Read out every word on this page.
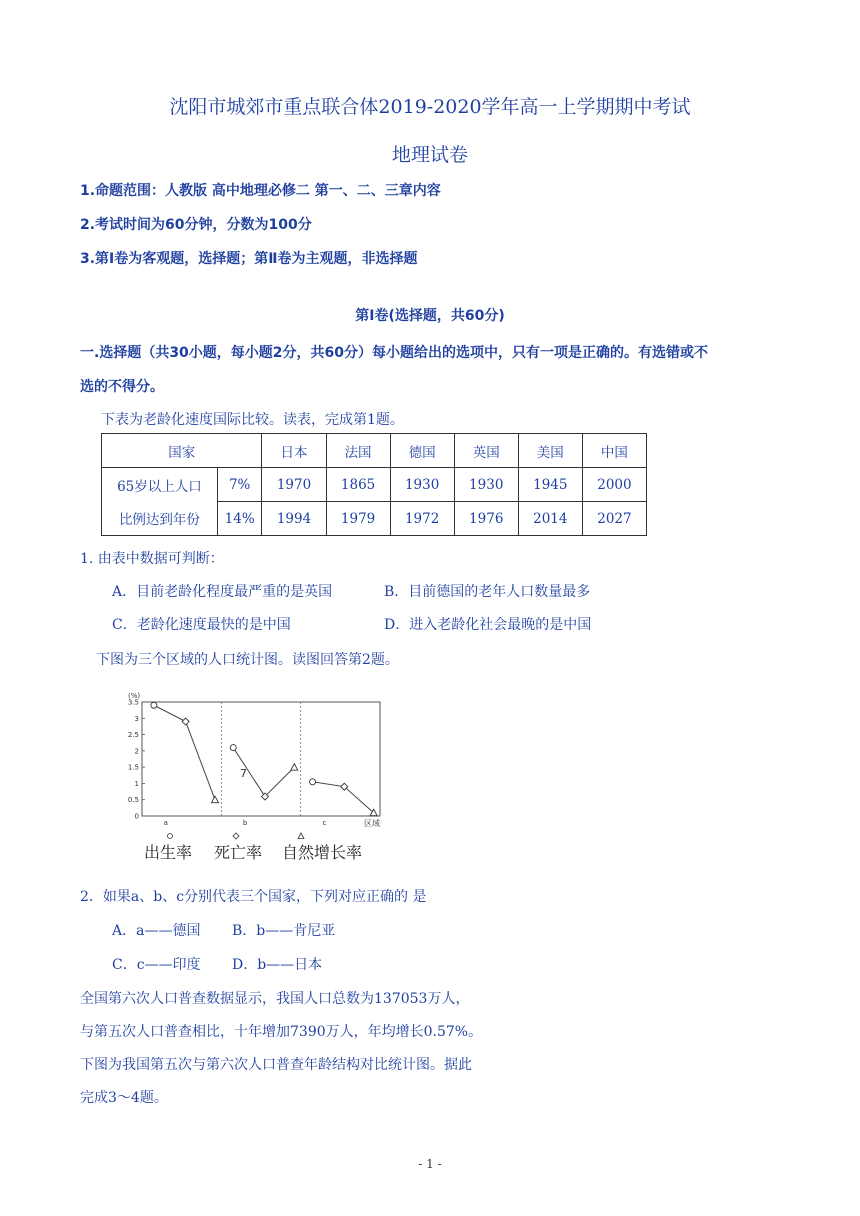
沈阳市城郊市重点联合体2019-2020学年高一上学期期中考试
地理试卷
1.命题范围：人教版 高中地理必修二 第一、二、三章内容
2.考试时间为60分钟，分数为100分
3.第Ⅰ卷为客观题，选择题；第Ⅱ卷为主观题，非选择题
第Ⅰ卷(选择题，共60分)
一.选择题（共30小题，每小题2分，共60分）每小题给出的选项中，只有一项是正确的。有选错或不
选的不得分。
下表为老龄化速度国际比较。读表，完成第1题。
国家		日本	法国	德国	英国	美国	中国
65岁以上人口	7%	1970	1865	1930	1930	1945	2000
比例达到年份	14%	1994	1979	1972	1976	2014	2027
1. 由表中数据可判断：
A．目前老龄化程度最严重的是英国	B．目前德国的老年人口数量最多
C．老龄化速度最快的是中国	D．进入老龄化社会最晚的是中国
下图为三个区域的人口统计图。读图回答第2题。
0
0.5
1
1.5
2
2.5
3
3.5
a	b	c
(%)
区域
7
出生率 死亡率 自然增长率
2．如果a、b、c分别代表三个国家，下列对应正确的 是
A．a——德国 B．b——肯尼亚
C．c——印度 D．b——日本
全国第六次人口普查数据显示，我国人口总数为137053万人，
与第五次人口普查相比，十年增加7390万人，年均增长0.57%。
下图为我国第五次与第六次人口普查年龄结构对比统计图。据此
完成3～4题。
- 1 -
